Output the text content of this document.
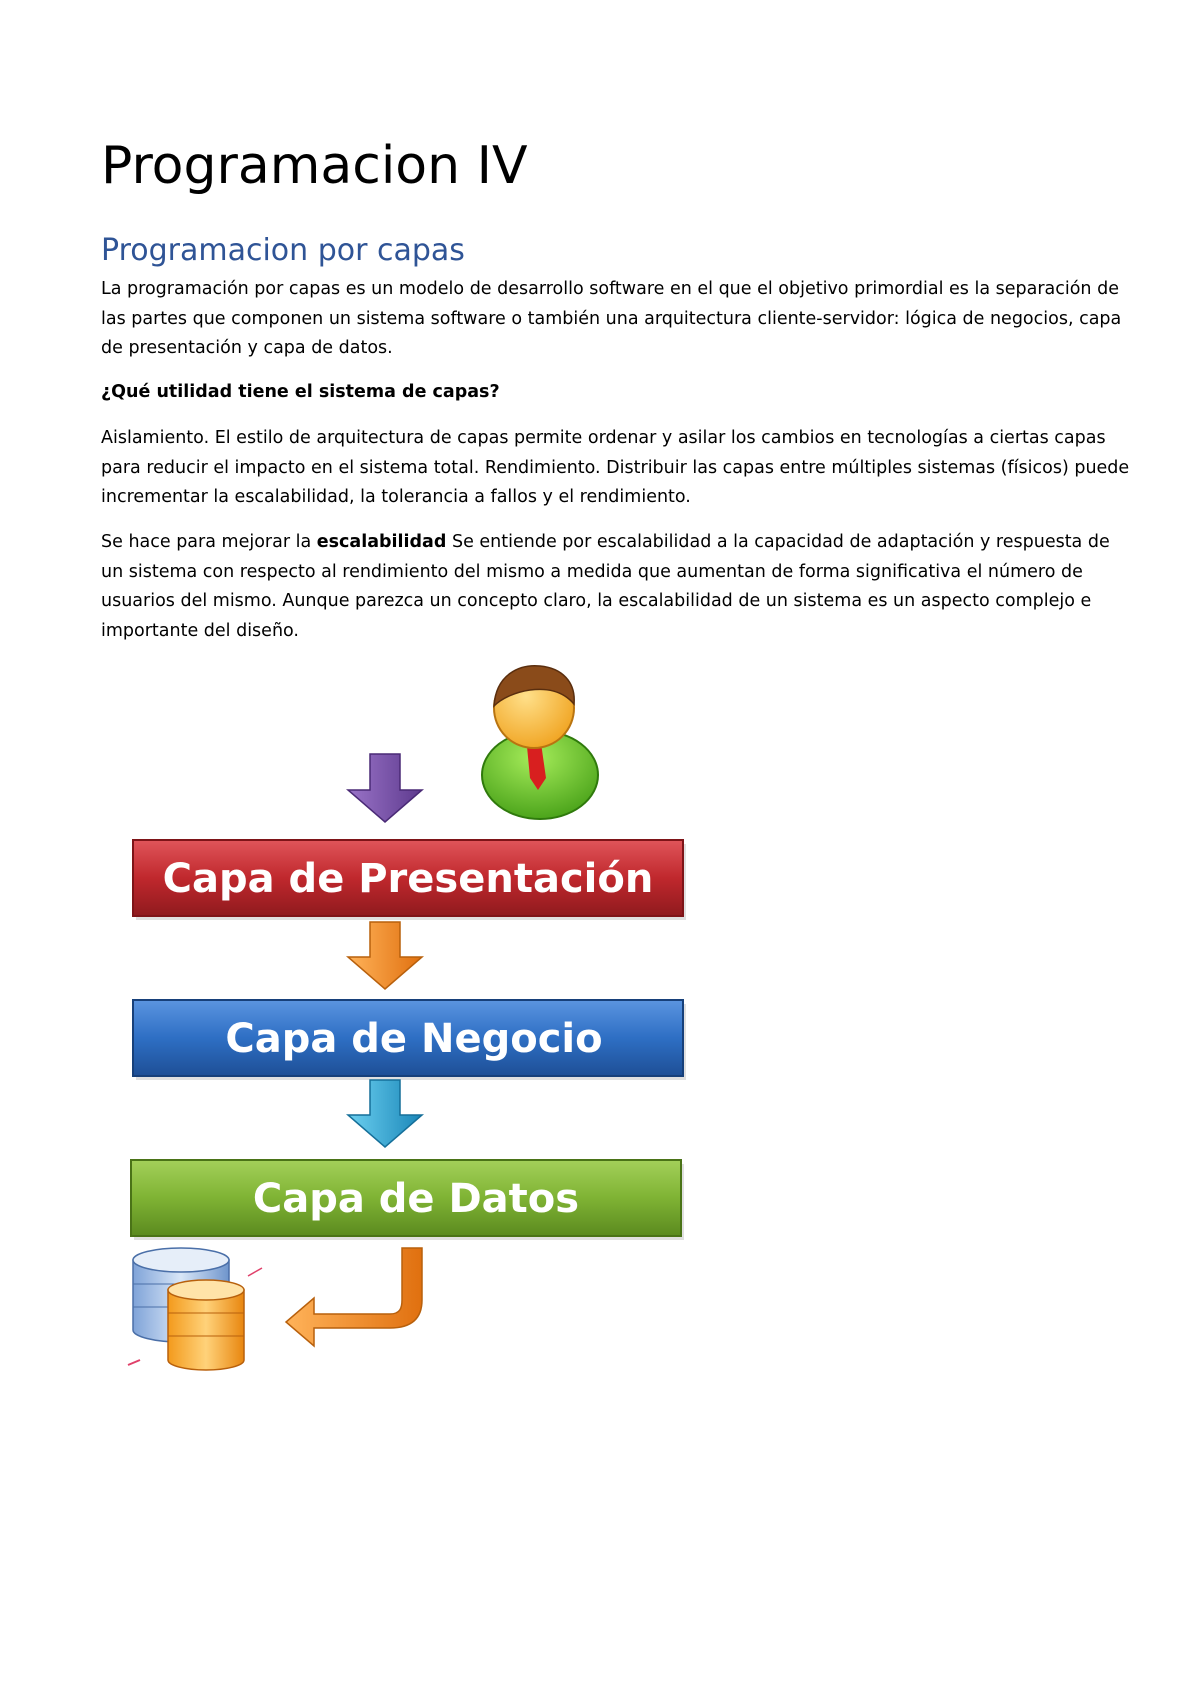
Programacion IV
Programacion por capas

La programación por capas es un modelo de desarrollo software en el que el objetivo primordial es la separación de las partes que componen un sistema software o también una arquitectura cliente-servidor: lógica de negocios, capa de presentación y capa de datos.

¿Qué utilidad tiene el sistema de capas?

Aislamiento. El estilo de arquitectura de capas permite ordenar y asilar los cambios en tecnologías a ciertas capas para reducir el impacto en el sistema total. Rendimiento. Distribuir las capas entre múltiples sistemas (físicos) puede incrementar la escalabilidad, la tolerancia a fallos y el rendimiento.

Se hace para mejorar la escalabilidad Se entiende por escalabilidad a la capacidad de adaptación y respuesta de un sistema con respecto al rendimiento del mismo a medida que aumentan de forma significativa el número de usuarios del mismo. Aunque parezca un concepto claro, la escalabilidad de un sistema es un aspecto complejo e importante del diseño.

Capa de Presentación
Capa de Negocio
Capa de Datos
